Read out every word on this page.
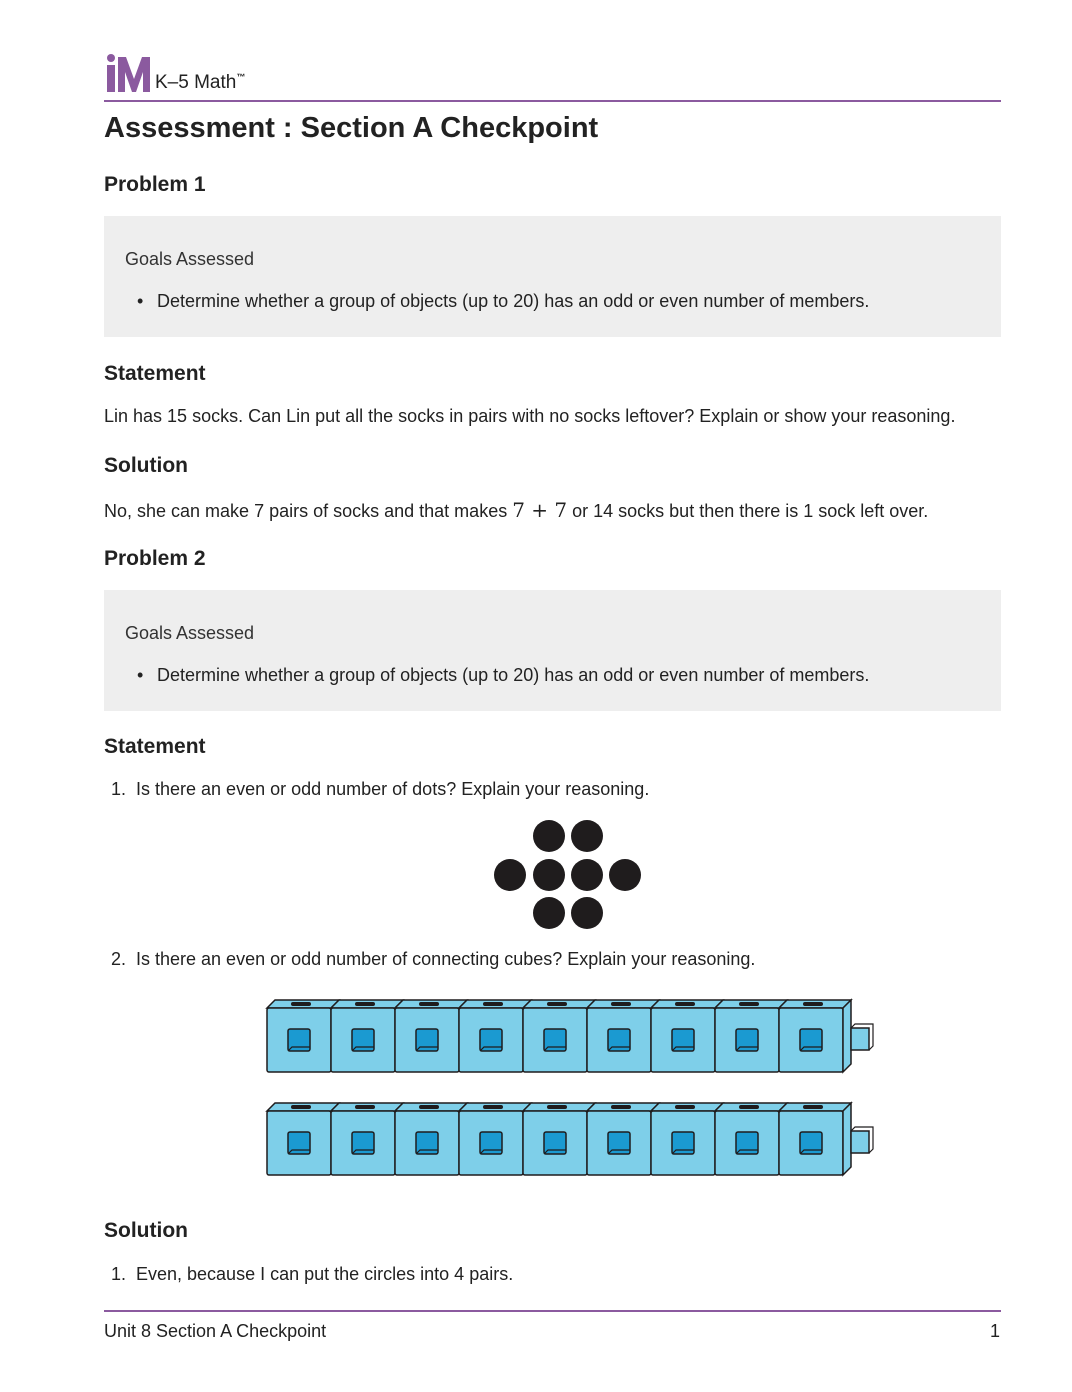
K–5 Math™
Assessment : Section A Checkpoint
Problem 1
Goals Assessed
• Determine whether a group of objects (up to 20) has an odd or even number of members.
Statement
Lin has 15 socks. Can Lin put all the socks in pairs with no socks leftover? Explain or show your reasoning.
Solution
No, she can make 7 pairs of socks and that makes 7 + 7 or 14 socks but then there is 1 sock left over.
Problem 2
Goals Assessed
• Determine whether a group of objects (up to 20) has an odd or even number of members.
Statement
1. Is there an even or odd number of dots? Explain your reasoning.
2. Is there an even or odd number of connecting cubes? Explain your reasoning.
Solution
1. Even, because I can put the circles into 4 pairs.
Unit 8 Section A Checkpoint	1
